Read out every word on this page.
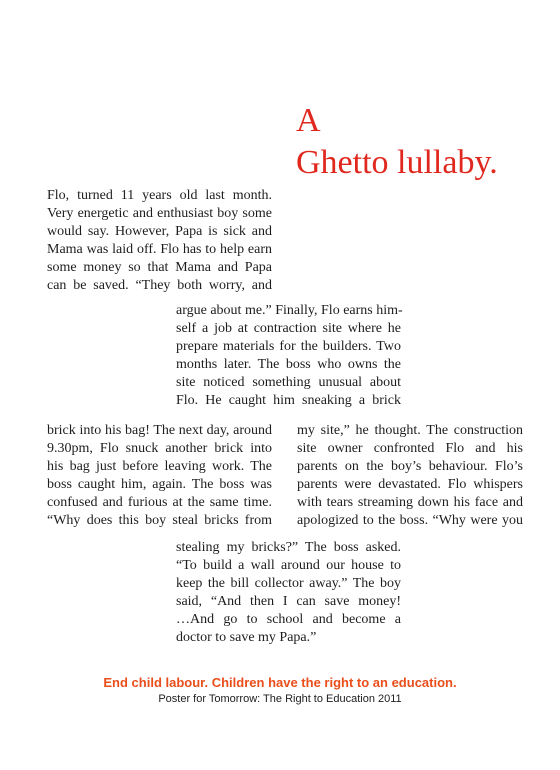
A
Ghetto lullaby.

Flo, turned 11 years old last month.
Very energetic and enthusiast boy some
would say. However, Papa is sick and
Mama was laid off. Flo has to help earn
some money so that Mama and Papa
can be saved. “They both worry, and

argue about me.” Finally, Flo earns him-
self a job at contraction site where he
prepare materials for the builders. Two
months later. The boss who owns the
site noticed something unusual about
Flo. He caught him sneaking a brick

brick into his bag! The next day, around
9.30pm, Flo snuck another brick into
his bag just before leaving work. The
boss caught him, again. The boss was
confused and furious at the same time.
“Why does this boy steal bricks from

my site,” he thought. The construction
site owner confronted Flo and his
parents on the boy’s behaviour. Flo’s
parents were devastated. Flo whispers
with tears streaming down his face and
apologized to the boss. “Why were you

stealing my bricks?” The boss asked.
“To build a wall around our house to
keep the bill collector away.” The boy
said, “And then I can save money!
…And go to school and become a
doctor to save my Papa.”

End child labour. Children have the right to an education.

Poster for Tomorrow: The Right to Education 2011
